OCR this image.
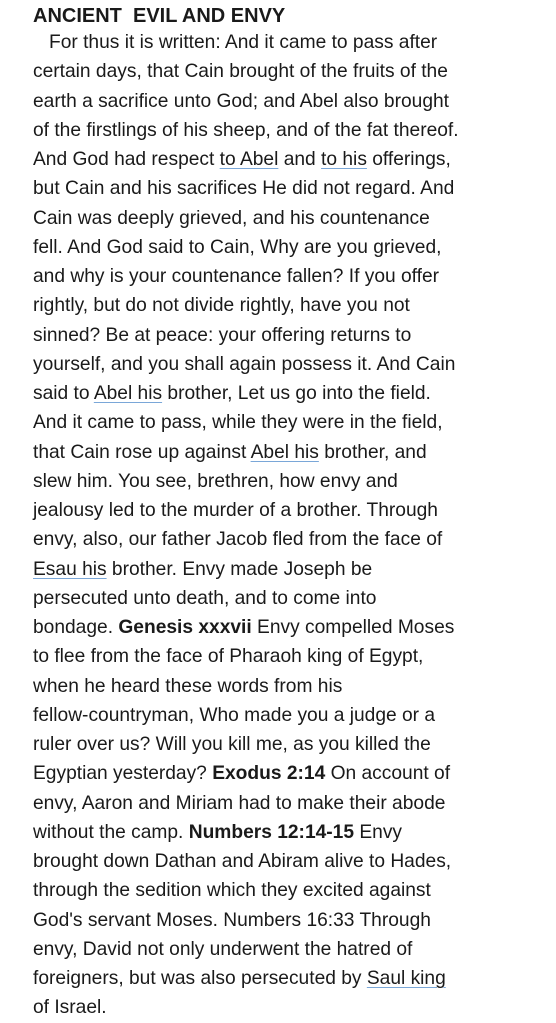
ANCIENT  EVIL AND ENVY
For thus it is written: And it came to pass after
certain days, that Cain brought of the fruits of the
earth a sacrifice unto God; and Abel also brought
of the firstlings of his sheep, and of the fat thereof.
And God had respect to Abel and to his offerings,
but Cain and his sacrifices He did not regard. And
Cain was deeply grieved, and his countenance
fell. And God said to Cain, Why are you grieved,
and why is your countenance fallen? If you offer
rightly, but do not divide rightly, have you not
sinned? Be at peace: your offering returns to
yourself, and you shall again possess it. And Cain
said to Abel his brother, Let us go into the field.
And it came to pass, while they were in the field,
that Cain rose up against Abel his brother, and
slew him. You see, brethren, how envy and
jealousy led to the murder of a brother. Through
envy, also, our father Jacob fled from the face of
Esau his brother. Envy made Joseph be
persecuted unto death, and to come into
bondage. Genesis xxxvii Envy compelled Moses
to flee from the face of Pharaoh king of Egypt,
when he heard these words from his
fellow-countryman, Who made you a judge or a
ruler over us? Will you kill me, as you killed the
Egyptian yesterday? Exodus 2:14 On account of
envy, Aaron and Miriam had to make their abode
without the camp. Numbers 12:14-15 Envy
brought down Dathan and Abiram alive to Hades,
through the sedition which they excited against
God's servant Moses. Numbers 16:33 Through
envy, David not only underwent the hatred of
foreigners, but was also persecuted by Saul king
of Israel.
